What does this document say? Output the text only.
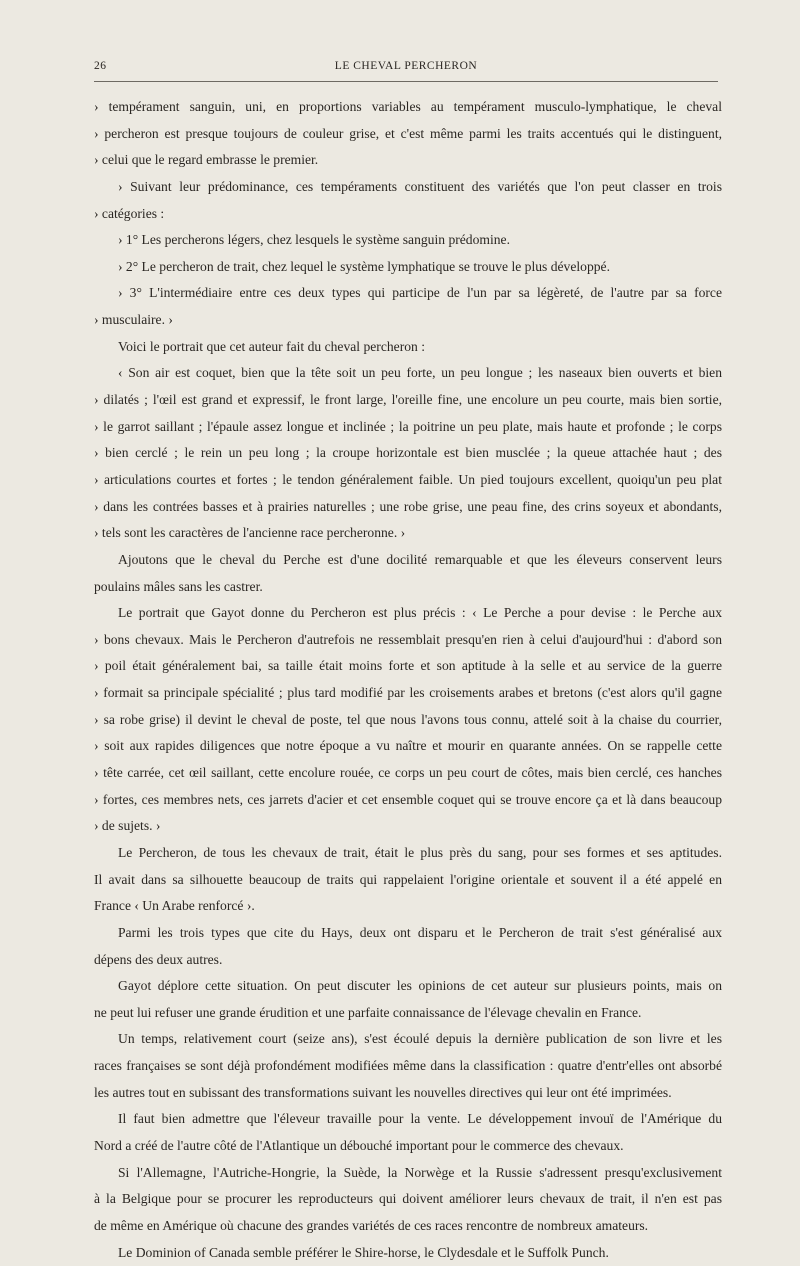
26	LE CHEVAL PERCHERON
› tempérament sanguin, uni, en proportions variables au tempérament musculo-lymphatique, le cheval
› percheron est presque toujours de couleur grise, et c'est même parmi les traits accentués qui le distinguent,
› celui que le regard embrasse le premier.
› Suivant leur prédominance, ces tempéraments constituent des variétés que l'on peut classer en trois
› catégories :
› 1° Les percherons légers, chez lesquels le système sanguin prédomine.
› 2° Le percheron de trait, chez lequel le système lymphatique se trouve le plus développé.
› 3° L'intermédiaire entre ces deux types qui participe de l'un par sa légèreté, de l'autre par sa force
› musculaire. ›
Voici le portrait que cet auteur fait du cheval percheron :
‹ Son air est coquet, bien que la tête soit un peu forte, un peu longue ; les naseaux bien ouverts et bien
› dilatés ; l'œil est grand et expressif, le front large, l'oreille fine, une encolure un peu courte, mais bien sortie,
› le garrot saillant ; l'épaule assez longue et inclinée ; la poitrine un peu plate, mais haute et profonde ; le corps
› bien cerclé ; le rein un peu long ; la croupe horizontale est bien musclée ; la queue attachée haut ; des
› articulations courtes et fortes ; le tendon généralement faible. Un pied toujours excellent, quoiqu'un peu plat
› dans les contrées basses et à prairies naturelles ; une robe grise, une peau fine, des crins soyeux et abondants,
› tels sont les caractères de l'ancienne race percheronne. ›
Ajoutons que le cheval du Perche est d'une docilité remarquable et que les éleveurs conservent leurs
poulains mâles sans les castrer.
Le portrait que Gayot donne du Percheron est plus précis : ‹ Le Perche a pour devise : le Perche aux
› bons chevaux. Mais le Percheron d'autrefois ne ressemblait presqu'en rien à celui d'aujourd'hui : d'abord son
› poil était généralement bai, sa taille était moins forte et son aptitude à la selle et au service de la guerre
› formait sa principale spécialité ; plus tard modifié par les croisements arabes et bretons (c'est alors qu'il gagne
› sa robe grise) il devint le cheval de poste, tel que nous l'avons tous connu, attelé soit à la chaise du courrier,
› soit aux rapides diligences que notre époque a vu naître et mourir en quarante années. On se rappelle cette
› tête carrée, cet œil saillant, cette encolure rouée, ce corps un peu court de côtes, mais bien cerclé, ces hanches
› fortes, ces membres nets, ces jarrets d'acier et cet ensemble coquet qui se trouve encore ça et là dans beaucoup
› de sujets. ›
Le Percheron, de tous les chevaux de trait, était le plus près du sang, pour ses formes et ses aptitudes.
Il avait dans sa silhouette beaucoup de traits qui rappelaient l'origine orientale et souvent il a été appelé en
France ‹ Un Arabe renforcé ›.
Parmi les trois types que cite du Hays, deux ont disparu et le Percheron de trait s'est généralisé aux
dépens des deux autres.
Gayot déplore cette situation. On peut discuter les opinions de cet auteur sur plusieurs points, mais on
ne peut lui refuser une grande érudition et une parfaite connaissance de l'élevage chevalin en France.
Un temps, relativement court (seize ans), s'est écoulé depuis la dernière publication de son livre et les
races françaises se sont déjà profondément modifiées même dans la classification : quatre d'entr'elles ont absorbé
les autres tout en subissant des transformations suivant les nouvelles directives qui leur ont été imprimées.
Il faut bien admettre que l'éleveur travaille pour la vente. Le développement invouï de l'Amérique du
Nord a créé de l'autre côté de l'Atlantique un débouché important pour le commerce des chevaux.
Si l'Allemagne, l'Autriche-Hongrie, la Suède, la Norwège et la Russie s'adressent presqu'exclusivement
à la Belgique pour se procurer les reproducteurs qui doivent améliorer leurs chevaux de trait, il n'en est pas
de même en Amérique où chacune des grandes variétés de ces races rencontre de nombreux amateurs.
Le Dominion of Canada semble préférer le Shire-horse, le Clydesdale et le Suffolk Punch.
